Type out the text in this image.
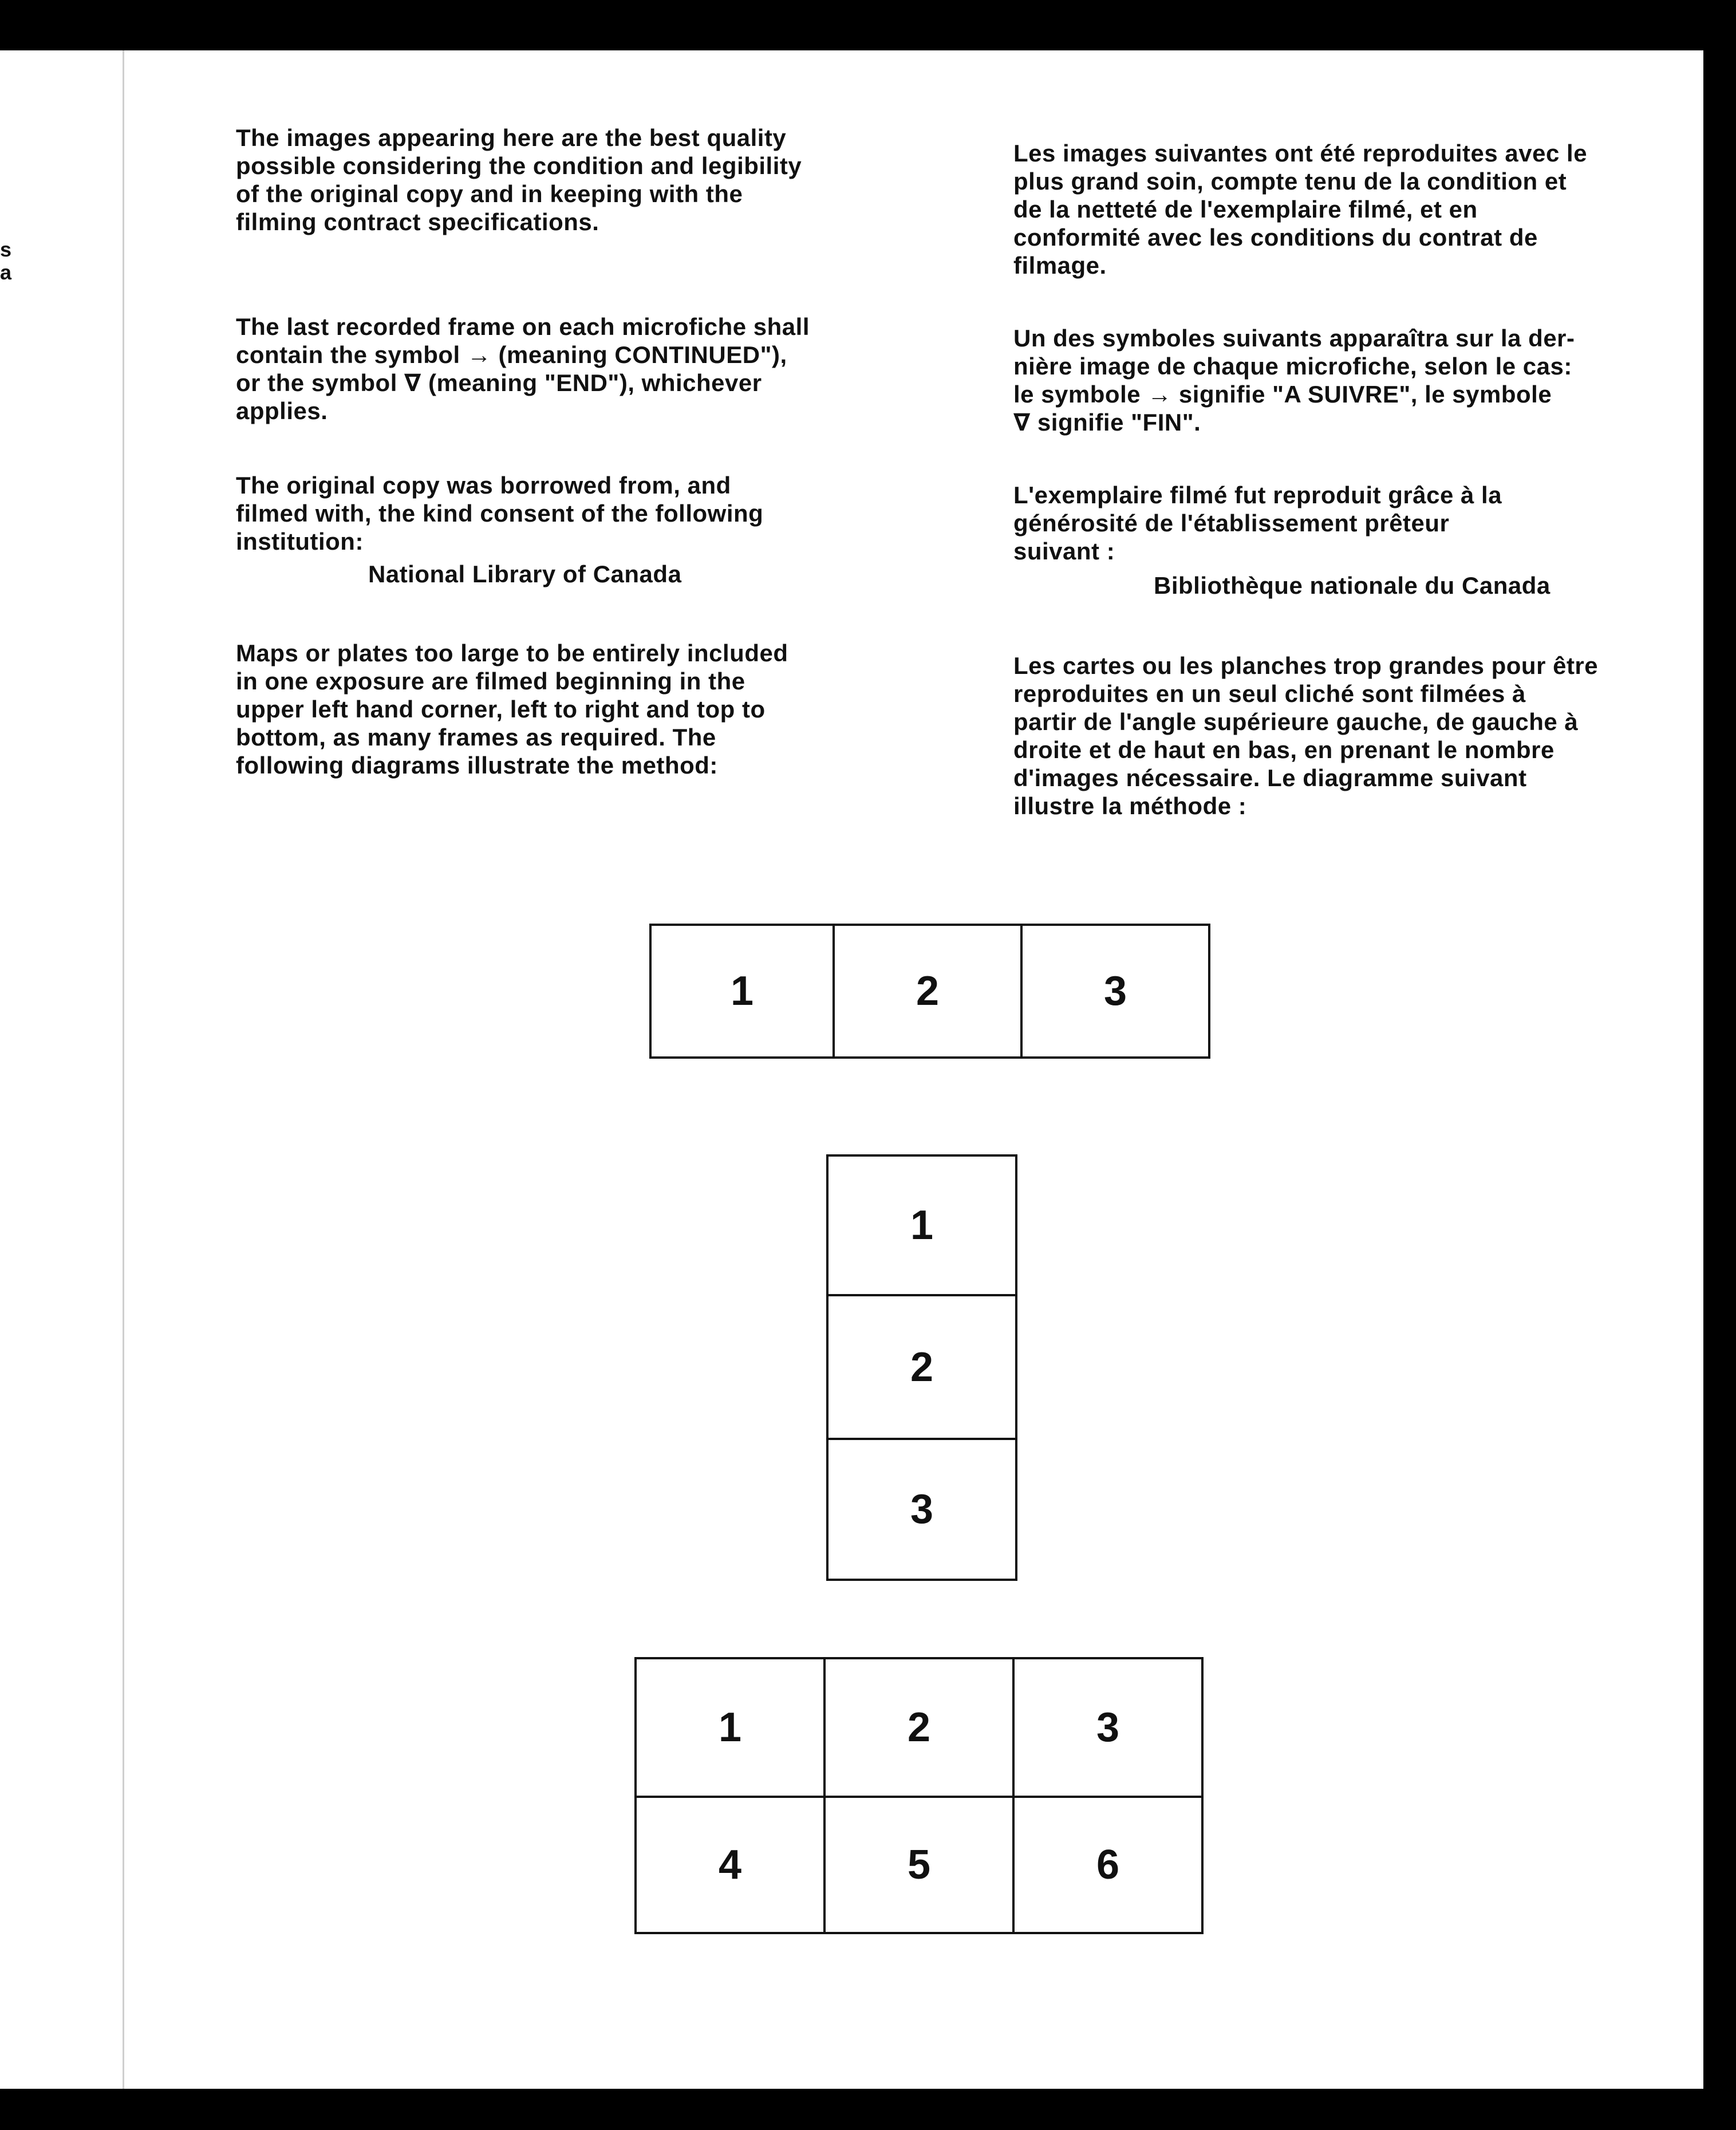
s
a

The images appearing here are the best quality
possible considering the condition and legibility
of the original copy and in keeping with the
filming contract specifications.

The last recorded frame on each microfiche shall
contain the symbol → (meaning CONTINUED"),
or the symbol ∇ (meaning "END"), whichever
applies.

The original copy was borrowed from, and
filmed with, the kind consent of the following
institution:

National Library of Canada

Maps or plates too large to be entirely included
in one exposure are filmed beginning in the
upper left hand corner, left to right and top to
bottom, as many frames as required. The
following diagrams illustrate the method:

Les images suivantes ont été reproduites avec le
plus grand soin, compte tenu de la condition et
de la netteté de l'exemplaire filmé, et en
conformité avec les conditions du contrat de
filmage.

Un des symboles suivants apparaîtra sur la der-
nière image de chaque microfiche, selon le cas:
le symbole → signifie "A SUIVRE", le symbole
∇ signifie "FIN".

L'exemplaire filmé fut reproduit grâce à la
générosité de l'établissement prêteur
suivant :

Bibliothèque nationale du Canada

Les cartes ou les planches trop grandes pour être
reproduites en un seul cliché sont filmées à
partir de l'angle supérieure gauche, de gauche à
droite et de haut en bas, en prenant le nombre
d'images nécessaire. Le diagramme suivant
illustre la méthode :

1	2	3
1
2
3
1	2	3
4	5	6
